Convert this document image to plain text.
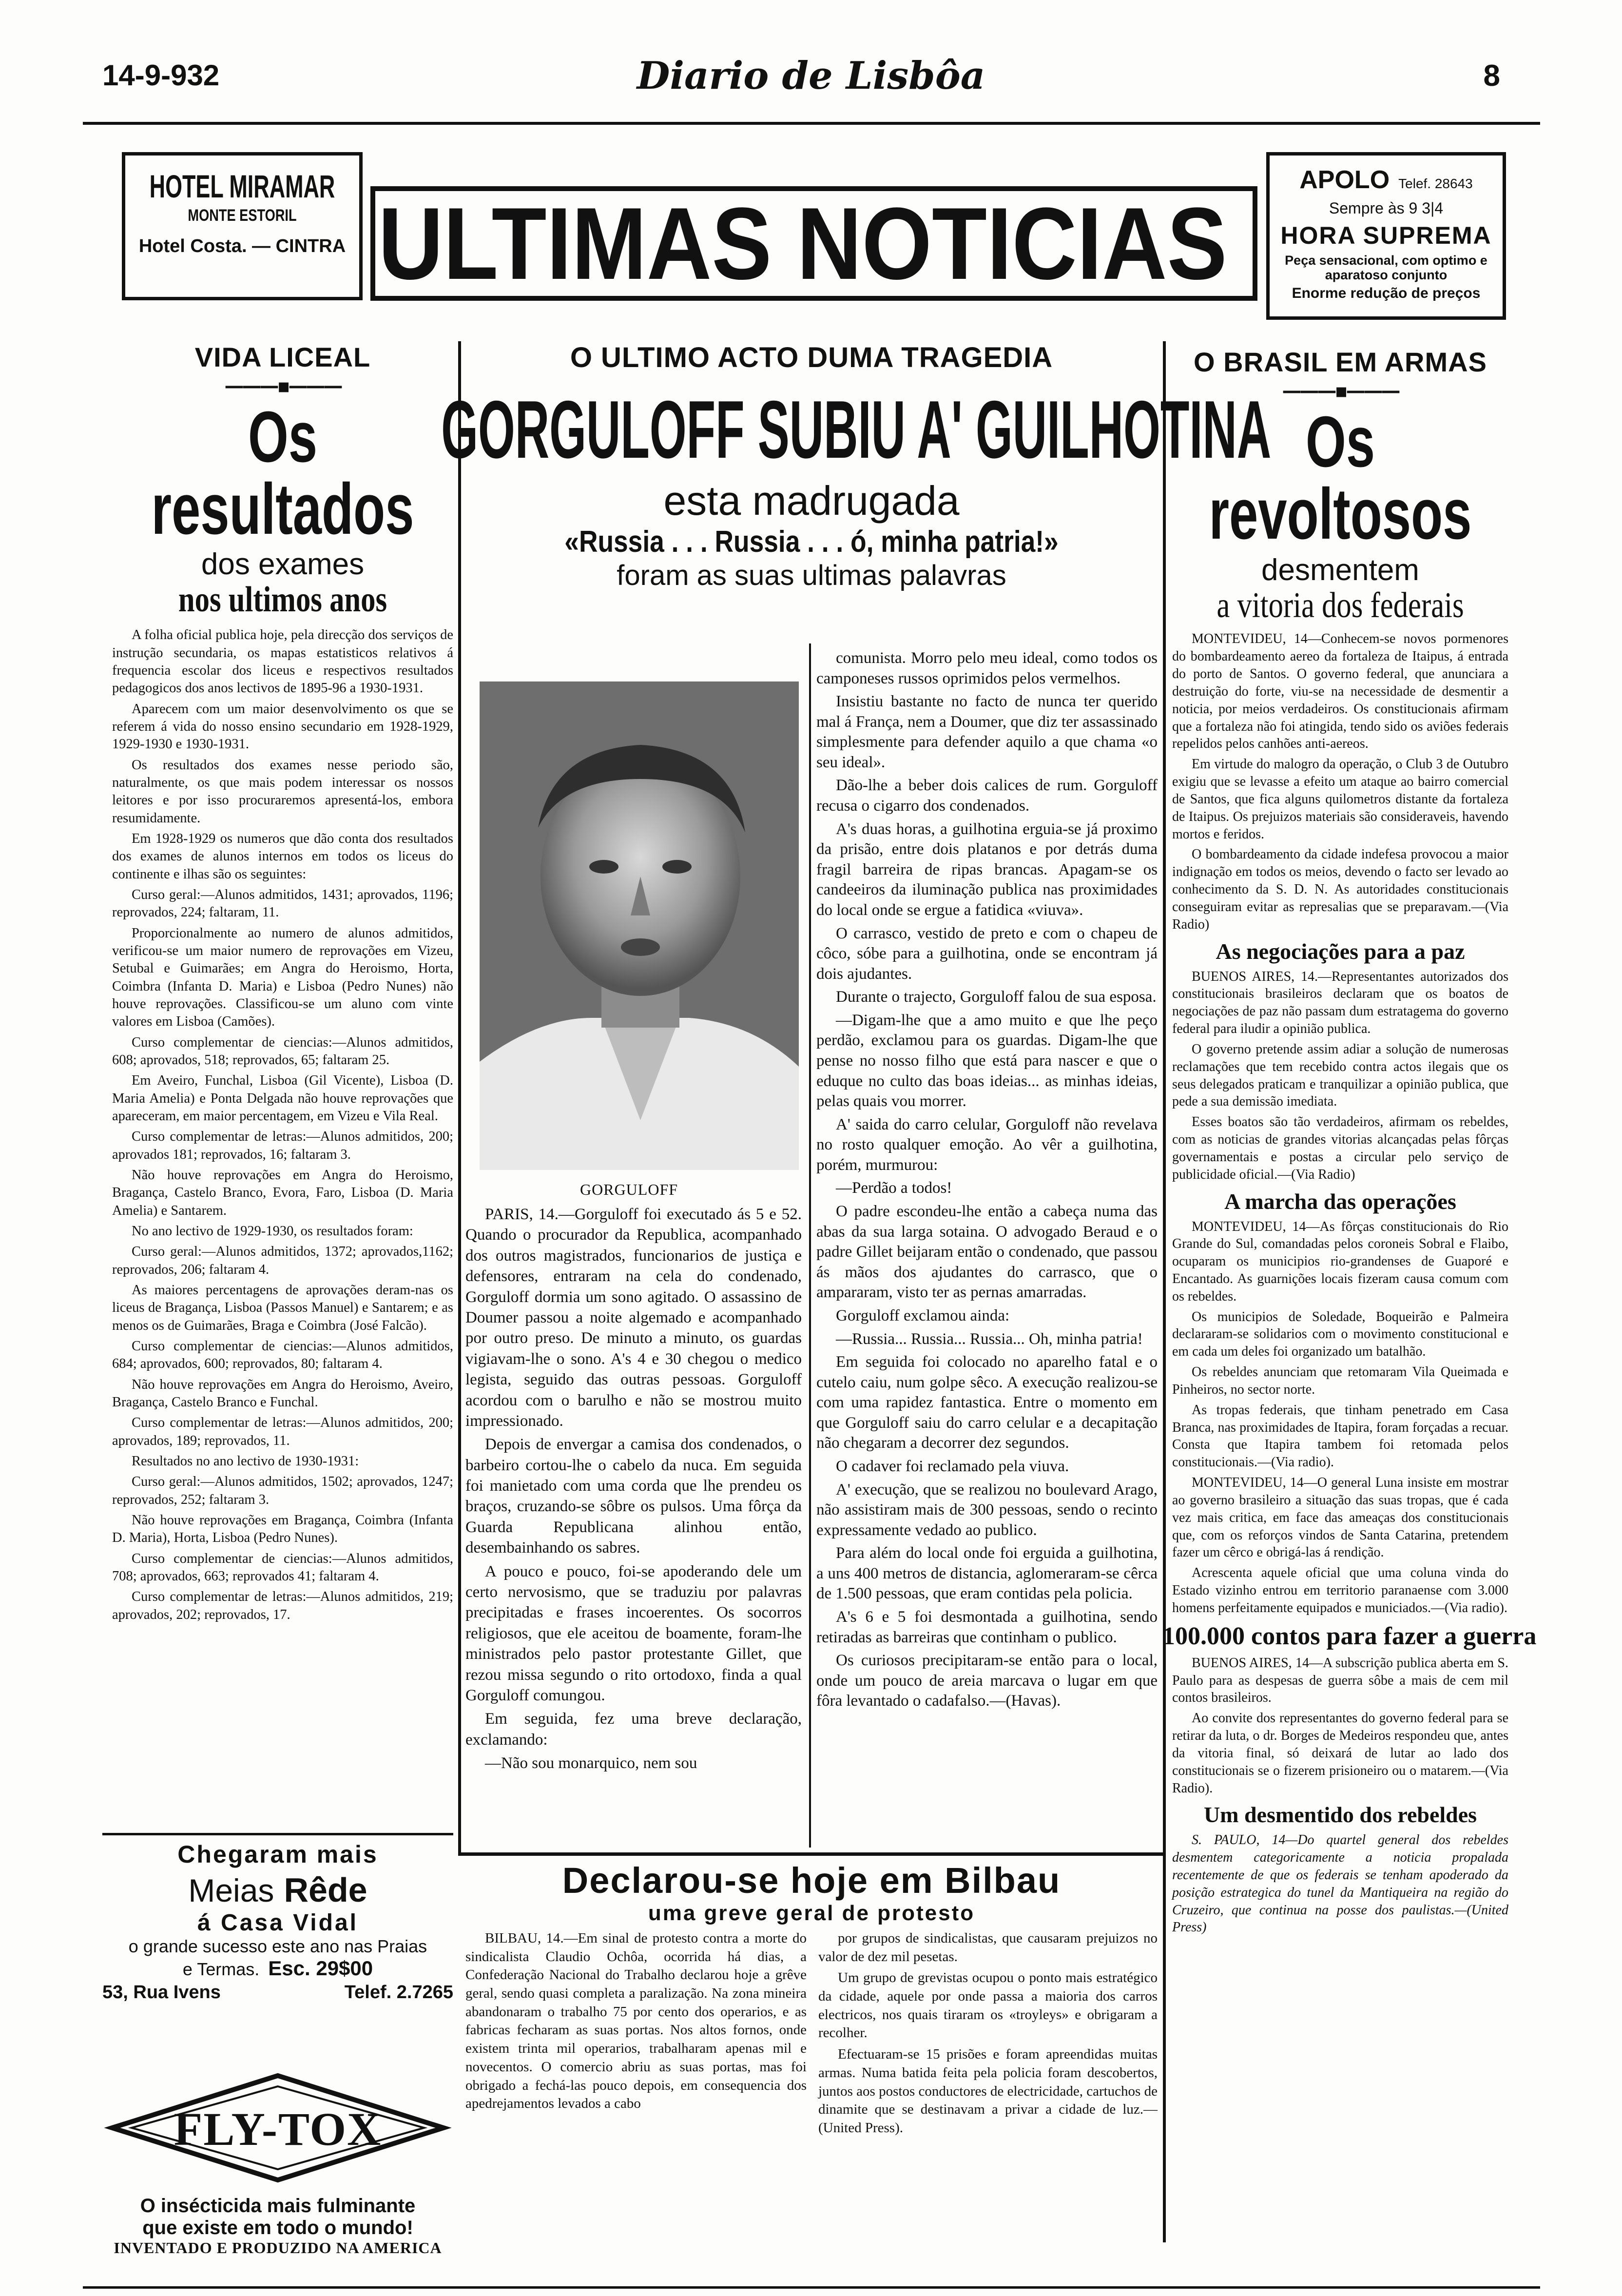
14-9-932	Diario de Lisbôa	8
HOTEL MIRAMAR
MONTE ESTORIL
Hotel Costa. — CINTRA ULTIMAS NOTICIAS
APOLO Telef. 28643
Sempre às 9 3|4
HORA SUPREMA
Peça sensacional, com optimo e aparatoso conjunto
Enorme redução de preços
VIDA LICEAL
———▪———
Os resultados
dos exames
nos ultimos anos

A folha oficial publica hoje, pela direcção dos serviços de instrução secundaria, os mapas estatisticos relativos á frequencia escolar dos liceus e respectivos resultados pedagogicos dos anos lectivos de 1895-96 a 1930-1931.

Aparecem com um maior desenvolvimento os que se referem á vida do nosso ensino secundario em 1928-1929, 1929-1930 e 1930-1931.

Os resultados dos exames nesse periodo são, naturalmente, os que mais podem interessar os nossos leitores e por isso procuraremos apresentá-los, embora resumidamente.

Em 1928-1929 os numeros que dão conta dos resultados dos exames de alunos internos em todos os liceus do continente e ilhas são os seguintes:

Curso geral:—Alunos admitidos, 1431; aprovados, 1196; reprovados, 224; faltaram, 11.

Proporcionalmente ao numero de alunos admitidos, verificou-se um maior numero de reprovações em Vizeu, Setubal e Guimarães; em Angra do Heroismo, Horta, Coimbra (Infanta D. Maria) e Lisboa (Pedro Nunes) não houve reprovações. Classificou-se um aluno com vinte valores em Lisboa (Camões).

Curso complementar de ciencias:—Alunos admitidos, 608; aprovados, 518; reprovados, 65; faltaram 25.

Em Aveiro, Funchal, Lisboa (Gil Vicente), Lisboa (D. Maria Amelia) e Ponta Delgada não houve reprovações que apareceram, em maior percentagem, em Vizeu e Vila Real.

Curso complementar de letras:—Alunos admitidos, 200; aprovados 181; reprovados, 16; faltaram 3.

Não houve reprovações em Angra do Heroismo, Bragança, Castelo Branco, Evora, Faro, Lisboa (D. Maria Amelia) e Santarem.

No ano lectivo de 1929-1930, os resultados foram:

Curso geral:—Alunos admitidos, 1372; aprovados,1162; reprovados, 206; faltaram 4.

As maiores percentagens de aprovações deram-nas os liceus de Bragança, Lisboa (Passos Manuel) e Santarem; e as menos os de Guimarães, Braga e Coimbra (José Falcão).

Curso complementar de ciencias:—Alunos admitidos, 684; aprovados, 600; reprovados, 80; faltaram 4.

Não houve reprovações em Angra do Heroismo, Aveiro, Bragança, Castelo Branco e Funchal.

Curso complementar de letras:—Alunos admitidos, 200; aprovados, 189; reprovados, 11.

Resultados no ano lectivo de 1930-1931:

Curso geral:—Alunos admitidos, 1502; aprovados, 1247; reprovados, 252; faltaram 3.

Não houve reprovações em Bragança, Coimbra (Infanta D. Maria), Horta, Lisboa (Pedro Nunes).

Curso complementar de ciencias:—Alunos admitidos, 708; aprovados, 663; reprovados 41; faltaram 4.

Curso complementar de letras:—Alunos admitidos, 219; aprovados, 202; reprovados, 17.

Chegaram mais
Meias Rêde
á Casa Vidal
o grande sucesso este ano nas Praias
e Termas. Esc. 29$00
53, Rua Ivens	Telef. 2.7265
FLY-TOX
O insécticida mais fulminante
que existe em todo o mundo!
INVENTADO E PRODUZIDO NA AMERICA
O ULTIMO ACTO DUMA TRAGEDIA
GORGULOFF SUBIU A' GUILHOTINA
esta madrugada
«Russia . . . Russia . . . ó, minha patria!»
foram as suas ultimas palavras
GORGULOFF

PARIS, 14.—Gorguloff foi executado ás 5 e 52. Quando o procurador da Republica, acompanhado dos outros magistrados, funcionarios de justiça e defensores, entraram na cela do condenado, Gorguloff dormia um sono agitado. O assassino de Doumer passou a noite algemado e acompanhado por outro preso. De minuto a minuto, os guardas vigiavam-lhe o sono. A's 4 e 30 chegou o medico legista, seguido das outras pessoas. Gorguloff acordou com o barulho e não se mostrou muito impressionado.

Depois de envergar a camisa dos condenados, o barbeiro cortou-lhe o cabelo da nuca. Em seguida foi manietado com uma corda que lhe prendeu os braços, cruzando-se sôbre os pulsos. Uma fôrça da Guarda Republicana alinhou então, desembainhando os sabres.

A pouco e pouco, foi-se apoderando dele um certo nervosismo, que se traduziu por palavras precipitadas e frases incoerentes. Os socorros religiosos, que ele aceitou de boamente, foram-lhe ministrados pelo pastor protestante Gillet, que rezou missa segundo o rito ortodoxo, finda a qual Gorguloff comungou.

Em seguida, fez uma breve declaração, exclamando:

—Não sou monarquico, nem sou

comunista. Morro pelo meu ideal, como todos os camponeses russos oprimidos pelos vermelhos.

Insistiu bastante no facto de nunca ter querido mal á França, nem a Doumer, que diz ter assassinado simplesmente para defender aquilo a que chama «o seu ideal».

Dão-lhe a beber dois calices de rum. Gorguloff recusa o cigarro dos condenados.

A's duas horas, a guilhotina erguia-se já proximo da prisão, entre dois platanos e por detrás duma fragil barreira de ripas brancas. Apagam-se os candeeiros da iluminação publica nas proximidades do local onde se ergue a fatidica «viuva».

O carrasco, vestido de preto e com o chapeu de côco, sóbe para a guilhotina, onde se encontram já dois ajudantes.

Durante o trajecto, Gorguloff falou de sua esposa.

—Digam-lhe que a amo muito e que lhe peço perdão, exclamou para os guardas. Digam-lhe que pense no nosso filho que está para nascer e que o eduque no culto das boas ideias... as minhas ideias, pelas quais vou morrer.

A' saida do carro celular, Gorguloff não revelava no rosto qualquer emoção. Ao vêr a guilhotina, porém, murmurou:

—Perdão a todos!

O padre escondeu-lhe então a cabeça numa das abas da sua larga sotaina. O advogado Beraud e o padre Gillet beijaram então o condenado, que passou ás mãos dos ajudantes do carrasco, que o ampararam, visto ter as pernas amarradas.

Gorguloff exclamou ainda:

—Russia... Russia... Russia... Oh, minha patria!

Em seguida foi colocado no aparelho fatal e o cutelo caiu, num golpe sêco. A execução realizou-se com uma rapidez fantastica. Entre o momento em que Gorguloff saiu do carro celular e a decapitação não chegaram a decorrer dez segundos.

O cadaver foi reclamado pela viuva.

A' execução, que se realizou no boulevard Arago, não assistiram mais de 300 pessoas, sendo o recinto expressamente vedado ao publico.

Para além do local onde foi erguida a guilhotina, a uns 400 metros de distancia, aglomeraram-se cêrca de 1.500 pessoas, que eram contidas pela policia.

A's 6 e 5 foi desmontada a guilhotina, sendo retiradas as barreiras que continham o publico.

Os curiosos precipitaram-se então para o local, onde um pouco de areia marcava o lugar em que fôra levantado o cadafalso.—(Havas).

Declarou-se hoje em Bilbau
uma greve geral de protesto

BILBAU, 14.—Em sinal de protesto contra a morte do sindicalista Claudio Ochôa, ocorrida há dias, a Confederação Nacional do Trabalho declarou hoje a grêve geral, sendo quasi completa a paralização. Na zona mineira abandonaram o trabalho 75 por cento dos operarios, e as fabricas fecharam as suas portas. Nos altos fornos, onde existem trinta mil operarios, trabalharam apenas mil e novecentos. O comercio abriu as suas portas, mas foi obrigado a fechá-las pouco depois, em consequencia dos apedrejamentos levados a cabo

por grupos de sindicalistas, que causaram prejuizos no valor de dez mil pesetas.

Um grupo de grevistas ocupou o ponto mais estratégico da cidade, aquele por onde passa a maioria dos carros electricos, nos quais tiraram os «troyleys» e obrigaram a recolher.

Efectuaram-se 15 prisões e foram apreendidas muitas armas. Numa batida feita pela policia foram descobertos, juntos aos postos conductores de electricidade, cartuchos de dinamite que se destinavam a privar a cidade de luz.—(United Press).

O BRASIL EM ARMAS
———▪———
Os revoltosos
desmentem
a vitoria dos federais

MONTEVIDEU, 14—Conhecem-se novos pormenores do bombardeamento aereo da fortaleza de Itaipus, á entrada do porto de Santos. O governo federal, que anunciara a destruição do forte, viu-se na necessidade de desmentir a noticia, por meios verdadeiros. Os constitucionais afirmam que a fortaleza não foi atingida, tendo sido os aviões federais repelidos pelos canhões anti-aereos.

Em virtude do malogro da operação, o Club 3 de Outubro exigiu que se levasse a efeito um ataque ao bairro comercial de Santos, que fica alguns quilometros distante da fortaleza de Itaipus. Os prejuizos materiais são consideraveis, havendo mortos e feridos.

O bombardeamento da cidade indefesa provocou a maior indignação em todos os meios, devendo o facto ser levado ao conhecimento da S. D. N. As autoridades constitucionais conseguiram evitar as represalias que se preparavam.—(Via Radio)

As negociações para a paz

BUENOS AIRES, 14.—Representantes autorizados dos constitucionais brasileiros declaram que os boatos de negociações de paz não passam dum estratagema do governo federal para iludir a opinião publica.

O governo pretende assim adiar a solução de numerosas reclamações que tem recebido contra actos ilegais que os seus delegados praticam e tranquilizar a opinião publica, que pede a sua demissão imediata.

Esses boatos são tão verdadeiros, afirmam os rebeldes, com as noticias de grandes vitorias alcançadas pelas fôrças governamentais e postas a circular pelo serviço de publicidade oficial.—(Via Radio)

A marcha das operações

MONTEVIDEU, 14—As fôrças constitucionais do Rio Grande do Sul, comandadas pelos coroneis Sobral e Flaibo, ocuparam os municipios rio-grandenses de Guaporé e Encantado. As guarnições locais fizeram causa comum com os rebeldes.

Os municipios de Soledade, Boqueirão e Palmeira declararam-se solidarios com o movimento constitucional e em cada um deles foi organizado um batalhão.

Os rebeldes anunciam que retomaram Vila Queimada e Pinheiros, no sector norte.

As tropas federais, que tinham penetrado em Casa Branca, nas proximidades de Itapira, foram forçadas a recuar. Consta que Itapira tambem foi retomada pelos constitucionais.—(Via radio).

MONTEVIDEU, 14—O general Luna insiste em mostrar ao governo brasileiro a situação das suas tropas, que é cada vez mais critica, em face das ameaças dos constitucionais que, com os reforços vindos de Santa Catarina, pretendem fazer um cêrco e obrigá-las á rendição.

Acrescenta aquele oficial que uma coluna vinda do Estado vizinho entrou em territorio paranaense com 3.000 homens perfeitamente equipados e municiados.—(Via radio).

100.000 contos para fazer a guerra

BUENOS AIRES, 14—A subscrição publica aberta em S. Paulo para as despesas de guerra sôbe a mais de cem mil contos brasileiros.

Ao convite dos representantes do governo federal para se retirar da luta, o dr. Borges de Medeiros respondeu que, antes da vitoria final, só deixará de lutar ao lado dos constitucionais se o fizerem prisioneiro ou o matarem.—(Via Radio).

Um desmentido dos rebeldes

S. PAULO, 14—Do quartel general dos rebeldes desmentem categoricamente a noticia propalada recentemente de que os federais se tenham apoderado da posição estrategica do tunel da Mantiqueira na região do Cruzeiro, que continua na posse dos paulistas.—(United Press)
